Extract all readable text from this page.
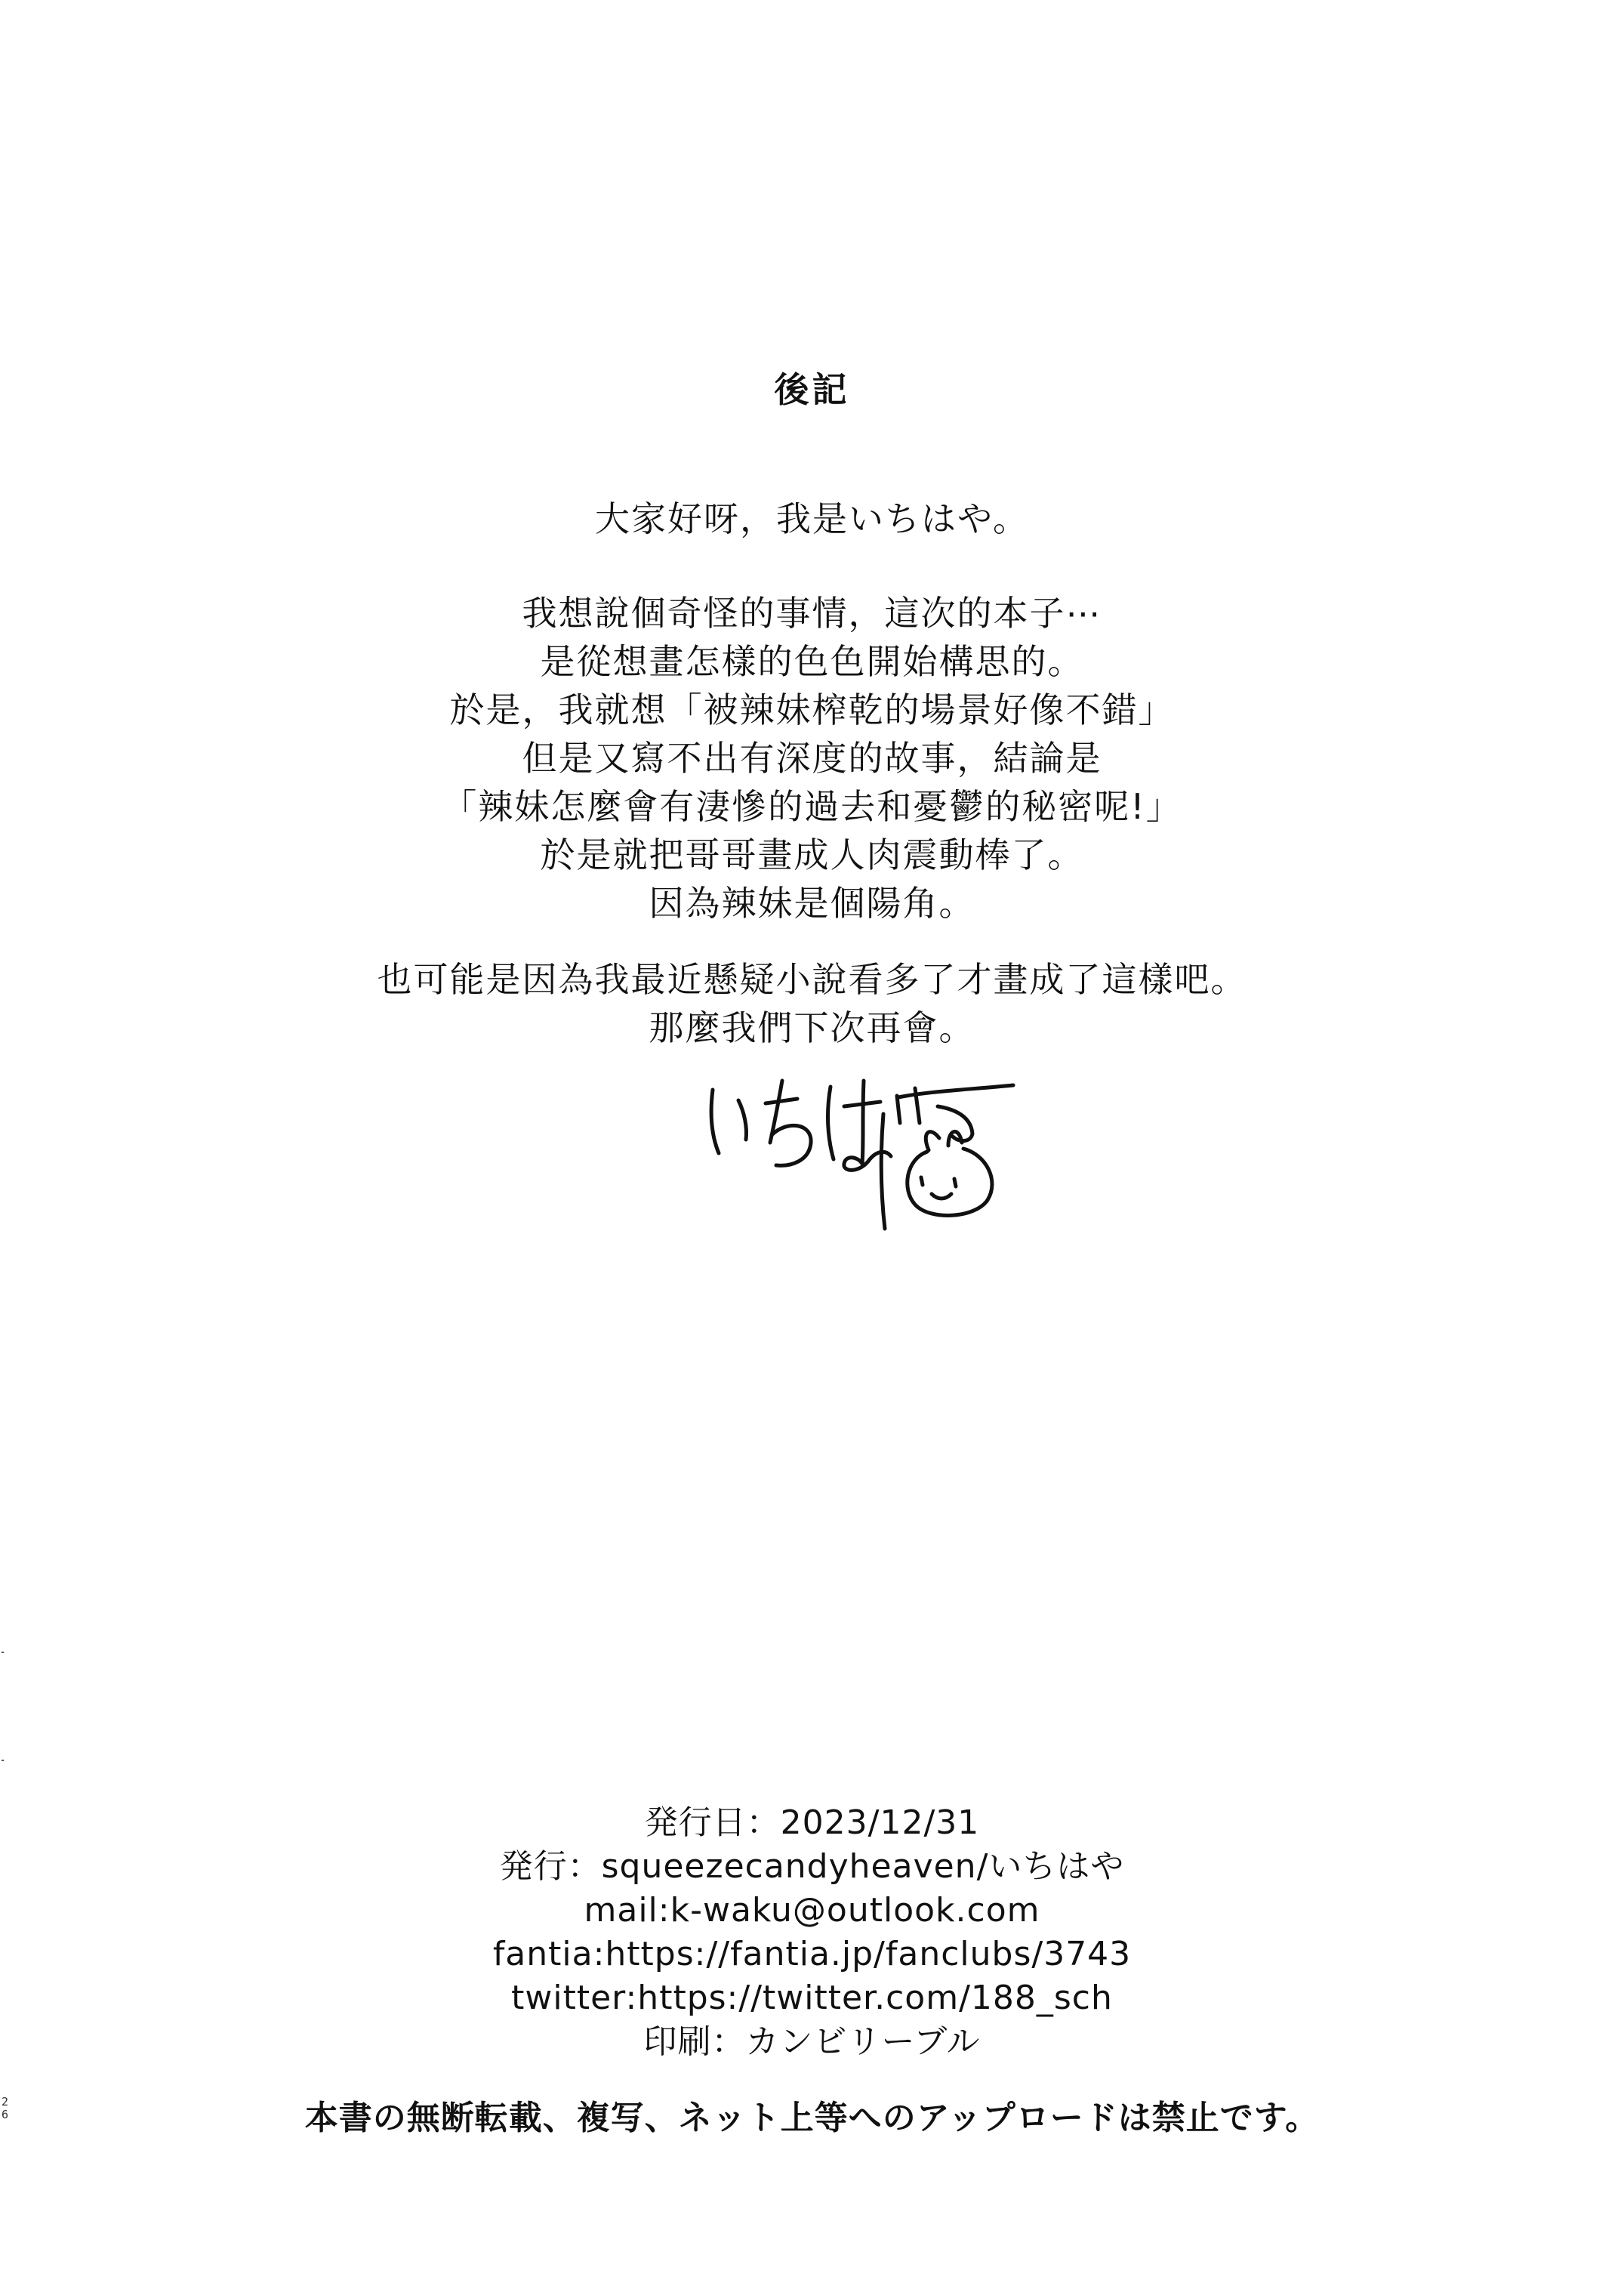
後記
大家好呀，我是いちはや。
我想說個奇怪的事情，這次的本子⋯
是從想畫怎樣的色色開始構思的。
於是，我就想「被辣妹榨乾的場景好像不錯」
但是又寫不出有深度的故事，結論是
「辣妹怎麼會有淒慘的過去和憂鬱的秘密呢!」
於是就把哥哥畫成人肉震動棒了。
因為辣妹是個陽角。
也可能是因為我最近懸疑小說看多了才畫成了這樣吧。
那麼我們下次再會。
発行日：2023/12/31
発行：squeezecandyheaven/いちはや
mail:k-waku@outlook.com
fantia:https://fantia.jp/fanclubs/3743
twitter:https://twitter.com/188_sch
印刷：カンビリーブル
本書の無断転載、複写、ネット上等へのアップロードは禁止です。
2
6
